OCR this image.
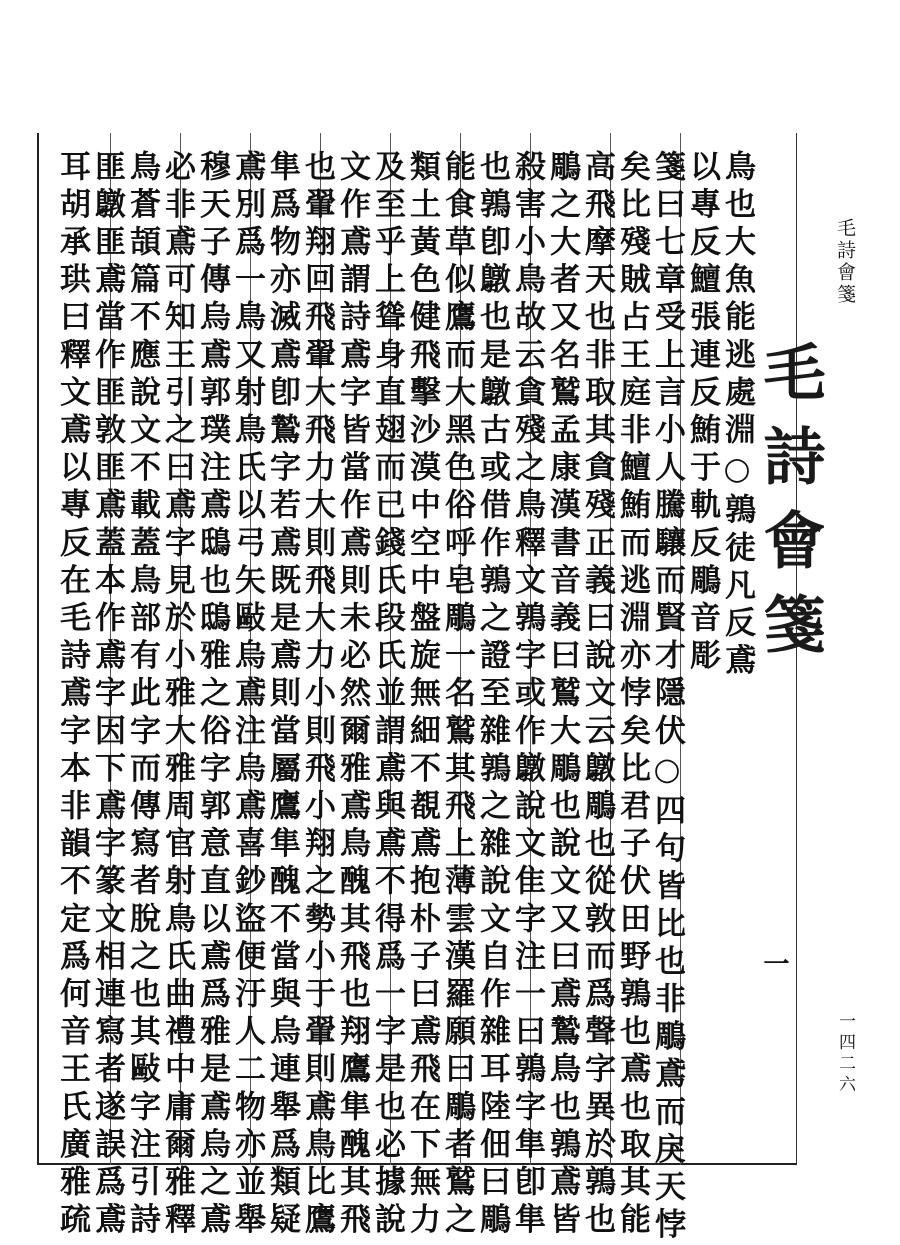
毛詩會箋
一四二六
毛詩會箋
一
鳥也大魚能逃處淵○鶉徒凡反鳶
以專反鱣張連反鮪于軌反鵰音彫
箋曰七章受上言小人騰驤而賢才隱伏○四句皆比也非鵰鳶而戾天悖
矣比殘賊占王庭非鱣鮪而逃淵亦悖矣比君子伏田野鶉也鳶也取其能
高飛摩天也非取其貪殘正義曰說文云鷻鵰也從敦而爲聲字異於鶉也
鵰之大者又名鷲孟康漢書音義曰鷲大鵰也說文又曰鳶鷙鳥也鶉鳶皆
殺害小鳥故云貪殘之鳥釋文鶉字或作鷻說文隹字注一曰鶉字隼卽隼
也鶉卽鷻也是鷻古或借作鶉之證至雜鶉之雜說文自作雜耳陸佃曰鵰
能食草似鷹而大黑色俗呼皂鵰一名鷲其飛上薄雲漢羅願曰鵰者鷲之
類土黃色健飛擊沙漠中空中盤旋無細不覩鳶抱朴子曰鳶飛在下無力
及至乎上聳身直翅而已錢氏段氏並謂鳶與鳶不得爲一字是也必據說
文作鳶謂詩鳶字皆當作鳶則未必然爾雅鳶鳥醜其飛也翔鷹隼醜其飛
也翬翔回飛翬大飛力大則飛大力小則飛小翔之勢小于翬則鳶鳥比鷹
隼爲物亦滅鳶卽鷙字若鳶既是鳶則當屬鷹隼醜不當與烏連舉爲類疑
鳶別爲一鳥又射鳥氏以弓矢敺烏鳶注烏鳶喜鈔盜便汙人二物亦並舉
穆天子傳烏鳶郭璞注鳶鴟也鴟雅之俗字郭意直以鳶爲雅是鳶烏之鳶
必非鳶可知王引之曰鳶字見於小雅大雅周官射鳥氏曲禮中庸爾雅釋
鳥蒼頡篇不應說文不載蓋鳥部有此字而傳寫者脫之也其敺字注引詩
匪鷻匪鳶當作匪敦匪鳶蓋本作鳶字因下鳶字篆文相連寫者遂誤爲鳶
耳胡承珙曰釋文鳶以專反在毛詩鳶字本非韻不定爲何音王氏廣雅疏
